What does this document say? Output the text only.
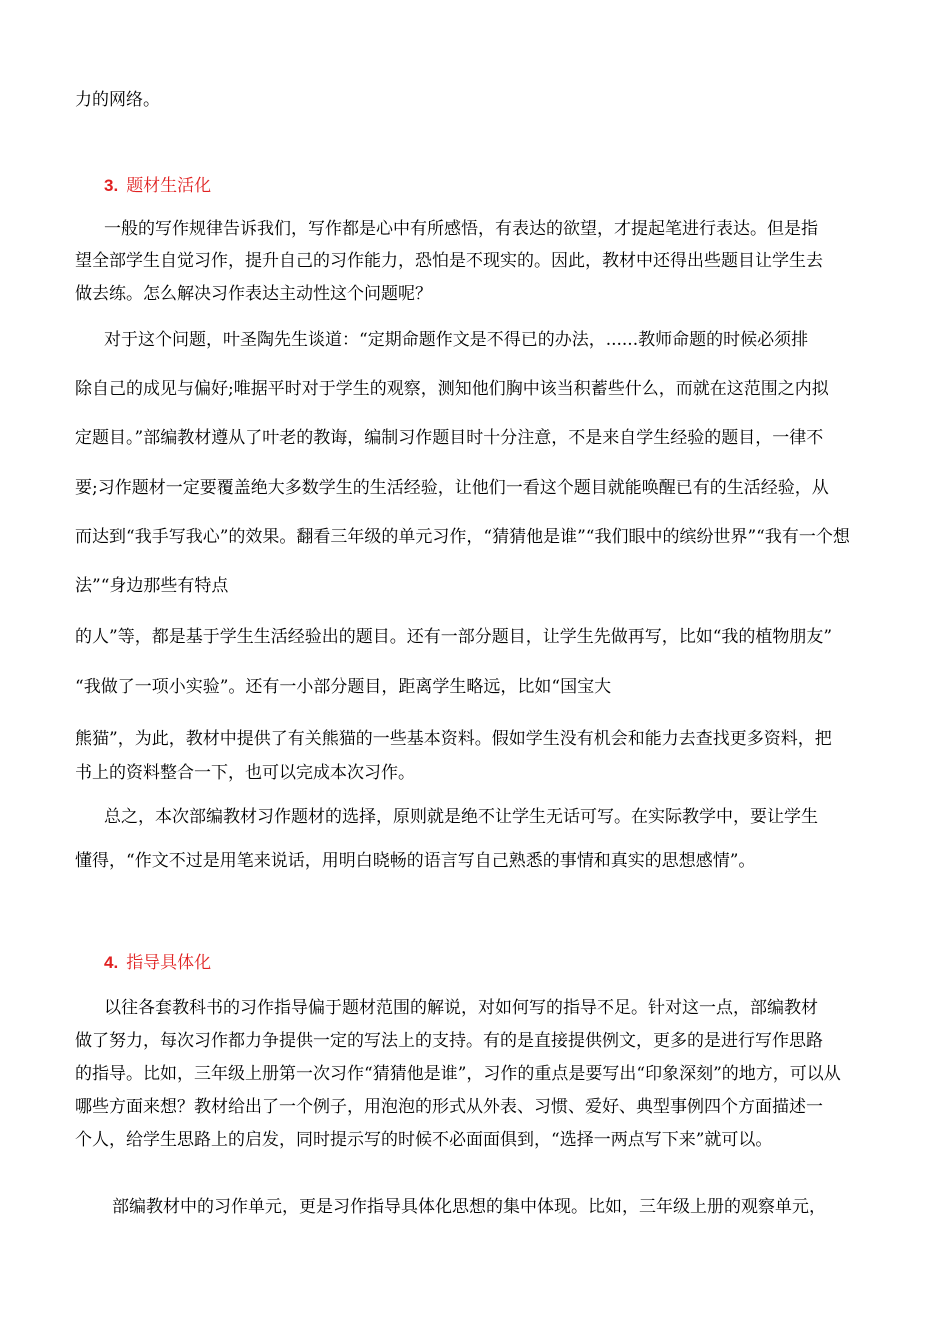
力的网络。

3. 题材生活化

一般的写作规律告诉我们，写作都是心中有所感悟，有表达的欲望，才提起笔进行表达。但是指

望全部学生自觉习作，提升自己的习作能力，恐怕是不现实的。因此，教材中还得出些题目让学生去

做去练。怎么解决习作表达主动性这个问题呢？

对于这个问题，叶圣陶先生谈道：“定期命题作文是不得已的办法，......教师命题的时候必须排

除自己的成见与偏好;唯据平时对于学生的观察，测知他们胸中该当积蓄些什么，而就在这范围之内拟

定题目。”部编教材遵从了叶老的教诲，编制习作题目时十分注意，不是来自学生经验的题目，一律不

要;习作题材一定要覆盖绝大多数学生的生活经验，让他们一看这个题目就能唤醒已有的生活经验，从

而达到“我手写我心”的效果。翻看三年级的单元习作，“猜猜他是谁”“我们眼中的缤纷世界”“我有一个想

法”“身边那些有特点

的人”等，都是基于学生生活经验出的题目。还有一部分题目，让学生先做再写，比如“我的植物朋友”

“我做了一项小实验”。还有一小部分题目，距离学生略远，比如“国宝大

熊猫”，为此，教材中提供了有关熊猫的一些基本资料。假如学生没有机会和能力去查找更多资料，把

书上的资料整合一下，也可以完成本次习作。

总之，本次部编教材习作题材的选择，原则就是绝不让学生无话可写。在实际教学中，要让学生

懂得，“作文不过是用笔来说话，用明白晓畅的语言写自己熟悉的事情和真实的思想感情”。

4. 指导具体化

以往各套教科书的习作指导偏于题材范围的解说，对如何写的指导不足。针对这一点，部编教材

做了努力，每次习作都力争提供一定的写法上的支持。有的是直接提供例文，更多的是进行写作思路

的指导。比如，三年级上册第一次习作“猜猜他是谁”，习作的重点是要写出“印象深刻”的地方，可以从

哪些方面来想？教材给出了一个例子，用泡泡的形式从外表、习惯、爱好、典型事例四个方面描述一

个人，给学生思路上的启发，同时提示写的时候不必面面俱到，“选择一两点写下来”就可以。

部编教材中的习作单元，更是习作指导具体化思想的集中体现。比如，三年级上册的观察单元，
